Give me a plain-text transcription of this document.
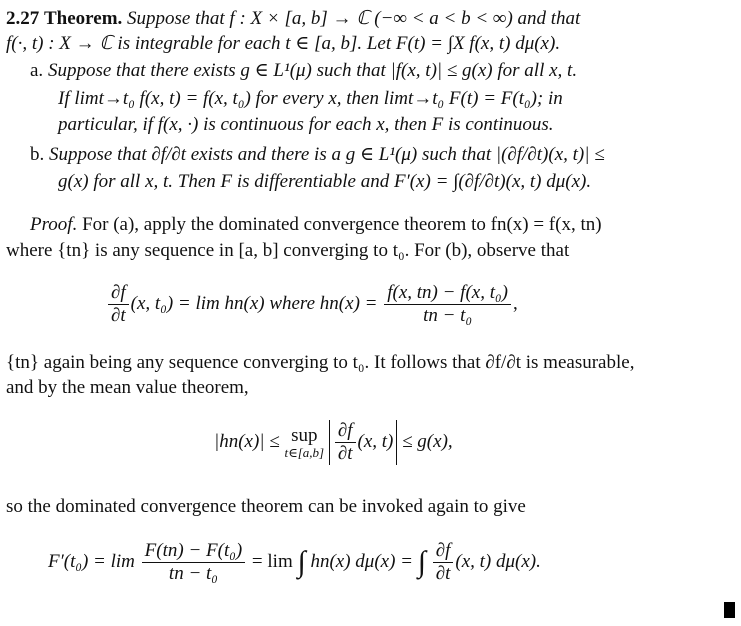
2.27 Theorem. Suppose that f : X × [a, b] → ℂ (−∞ < a < b < ∞) and that
f(·, t) : X → ℂ is integrable for each t ∈ [a, b]. Let F(t) = ∫X f(x, t) dμ(x).
a. Suppose that there exists g ∈ L¹(μ) such that |f(x, t)| ≤ g(x) for all x, t.
If limt→t₀ f(x, t) = f(x, t₀) for every x, then limt→t₀ F(t) = F(t₀); in
particular, if f(x, ·) is continuous for each x, then F is continuous.
b. Suppose that ∂f/∂t exists and there is a g ∈ L¹(μ) such that |(∂f/∂t)(x, t)| ≤
g(x) for all x, t. Then F is differentiable and F′(x) = ∫(∂f/∂t)(x, t) dμ(x).
Proof. For (a), apply the dominated convergence theorem to fn(x) = f(x, tn)
where {tn} is any sequence in [a, b] converging to t₀. For (b), observe that
$\frac{\partial f}{\partial t} (x$, t₀) = lim hn(x) where $hn(x) = \frac{\text{f(x, tn) − f(x, t₀)}}{\text{tn − t₀}}$ ,
{tn} again being any sequence converging to t₀. It follows that ∂f/∂t is measurable,
and by the mean value theorem,
|hn(x)| ≤ sup
t∈[a,b]
$\frac{\partial f}{\partial t} (x$, t) ≤ g(x),
so the dominated convergence theorem can be invoked again to give
$F'(t_0) = \lim \frac{\text{F(tn) − F(t₀)}}{\text{tn − t₀}} = \lim$ ∫ hn(x) dμ(x) = ∫ $\frac{\partial f}{\partial t} (x$, t) dμ(x).
